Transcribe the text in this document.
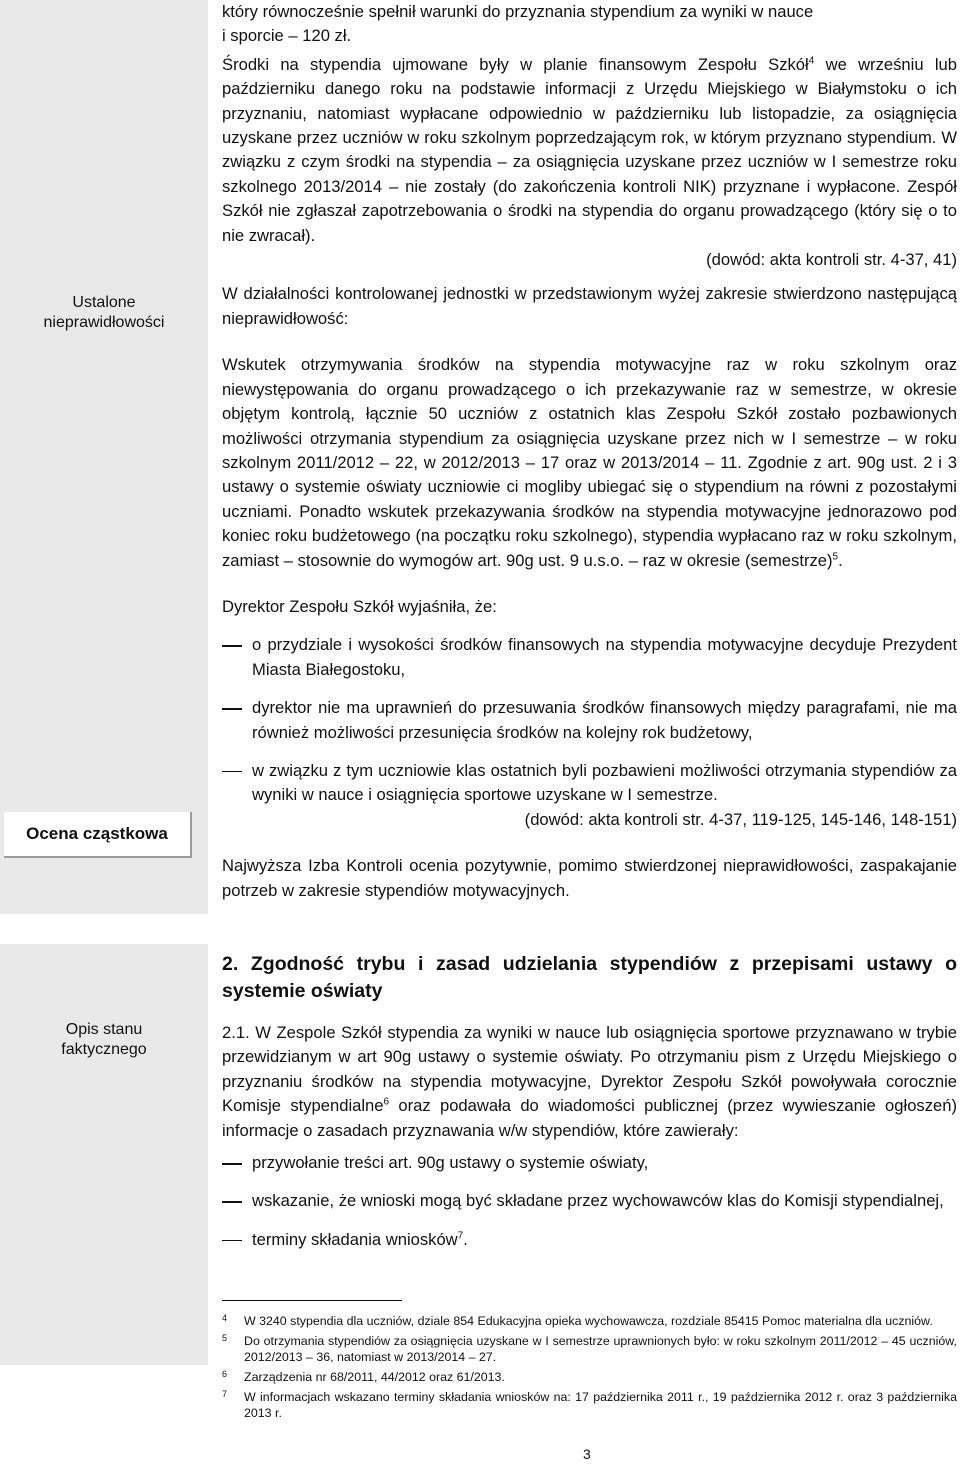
Ustalone
nieprawidłowości
Ocena cząstkowa
Opis stanu
faktycznego

który równocześnie spełnił warunki do przyznania stypendium za wyniki w nauce
i sporcie – 120 zł.

Środki na stypendia ujmowane były w planie finansowym Zespołu Szkół$^4$ we wrześniu lub październiku danego roku na podstawie informacji z Urzędu Miejskiego w Białymstoku o ich przyznaniu, natomiast wypłacane odpowiednio w październiku lub listopadzie, za osiągnięcia uzyskane przez uczniów w roku szkolnym poprzedzającym rok, w którym przyznano stypendium. W związku z czym środki na stypendia – za osiągnięcia uzyskane przez uczniów w I semestrze roku szkolnego 2013/2014 – nie zostały (do zakończenia kontroli NIK) przyznane i wypłacone. Zespół Szkół nie zgłaszał zapotrzebowania o środki na stypendia do organu prowadzącego (który się o to nie zwracał).

(dowód: akta kontroli str. 4-37, 41)

W działalności kontrolowanej jednostki w przedstawionym wyżej zakresie stwierdzono następującą nieprawidłowość:

Wskutek otrzymywania środków na stypendia motywacyjne raz w roku szkolnym oraz niewystępowania do organu prowadzącego o ich przekazywanie raz w semestrze, w okresie objętym kontrolą, łącznie 50 uczniów z ostatnich klas Zespołu Szkół zostało pozbawionych możliwości otrzymania stypendium za osiągnięcia uzyskane przez nich w I semestrze – w roku szkolnym 2011/2012 – 22, w 2012/2013 – 17 oraz w 2013/2014 – 11. Zgodnie z art. 90g ust. 2 i 3 ustawy o systemie oświaty uczniowie ci mogliby ubiegać się o stypendium na równi z pozostałymi uczniami. Ponadto wskutek przekazywania środków na stypendia motywacyjne jednorazowo pod koniec roku budżetowego (na początku roku szkolnego), stypendia wypłacano raz w roku szkolnym, zamiast – stosownie do wymogów art. 90g ust. 9 u.s.o. – raz w okresie (semestrze)$^5$.

Dyrektor Zespołu Szkół wyjaśniła, że:

o przydziale i wysokości środków finansowych na stypendia motywacyjne decyduje Prezydent Miasta Białegostoku,
dyrektor nie ma uprawnień do przesuwania środków finansowych między paragrafami, nie ma również możliwości przesunięcia środków na kolejny rok budżetowy,
w związku z tym uczniowie klas ostatnich byli pozbawieni możliwości otrzymania stypendiów za wyniki w nauce i osiągnięcia sportowe uzyskane w I semestrze.

(dowód: akta kontroli str. 4-37, 119-125, 145-146, 148-151)

Najwyższa Izba Kontroli ocenia pozytywnie, pomimo stwierdzonej nieprawidłowości, zaspakajanie potrzeb w zakresie stypendiów motywacyjnych.

2. Zgodność trybu i zasad udzielania stypendiów z przepisami ustawy o systemie oświaty

2.1. W Zespole Szkół stypendia za wyniki w nauce lub osiągnięcia sportowe przyznawano w trybie przewidzianym w art 90g ustawy o systemie oświaty. Po otrzymaniu pism z Urzędu Miejskiego o przyznaniu środków na stypendia motywacyjne, Dyrektor Zespołu Szkół powoływała corocznie Komisje stypendialne$^6$ oraz podawała do wiadomości publicznej (przez wywieszanie ogłoszeń) informacje o zasadach przyznawania w/w stypendiów, które zawierały:

przywołanie treści art. 90g ustawy o systemie oświaty,
wskazanie, że wnioski mogą być składane przez wychowawców klas do Komisji stypendialnej,
terminy składania wniosków$^7$.
4 W 3240 stypendia dla uczniów, dziale 854 Edukacyjna opieka wychowawcza, rozdziale 85415 Pomoc materialna dla uczniów.
5 Do otrzymania stypendiów za osiągnięcia uzyskane w I semestrze uprawnionych było: w roku szkolnym 2011/2012 – 45 uczniów, 2012/2013 – 36, natomiast w 2013/2014 – 27.
6 Zarządzenia nr 68/2011, 44/2012 oraz 61/2013.
7 W informacjach wskazano terminy składania wniosków na: 17 października 2011 r., 19 października 2012 r. oraz 3 października 2013 r.
3
